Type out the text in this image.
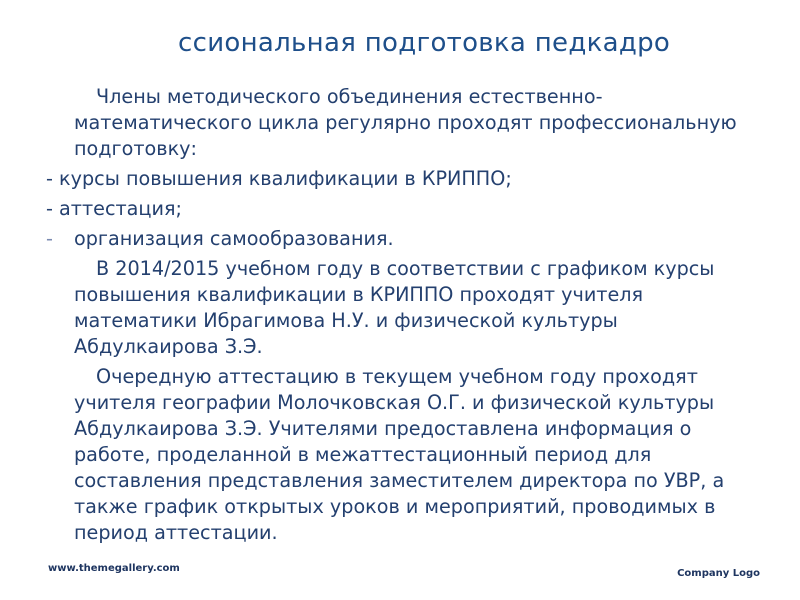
ссиональная подготовка педкадро

Члены методического объединения естественно-математического цикла регулярно проходят профессиональную подготовку:

- курсы повышения квалификации в КРИППО;

- аттестация;

-	организация самообразования.

В 2014/2015 учебном году в соответствии с графиком курсы повышения квалификации в КРИППО проходят учителя математики Ибрагимова Н.У. и физической культуры Абдулкаирова З.Э.

Очередную аттестацию в текущем учебном году проходят учителя географии Молочковская О.Г. и физической культуры Абдулкаирова З.Э. Учителями предоставлена информация о работе, проделанной в межаттестационный период для составления представления заместителем директора по УВР, а также график открытых уроков и мероприятий, проводимых в период аттестации.

www.themegallery.com	Company Logo
